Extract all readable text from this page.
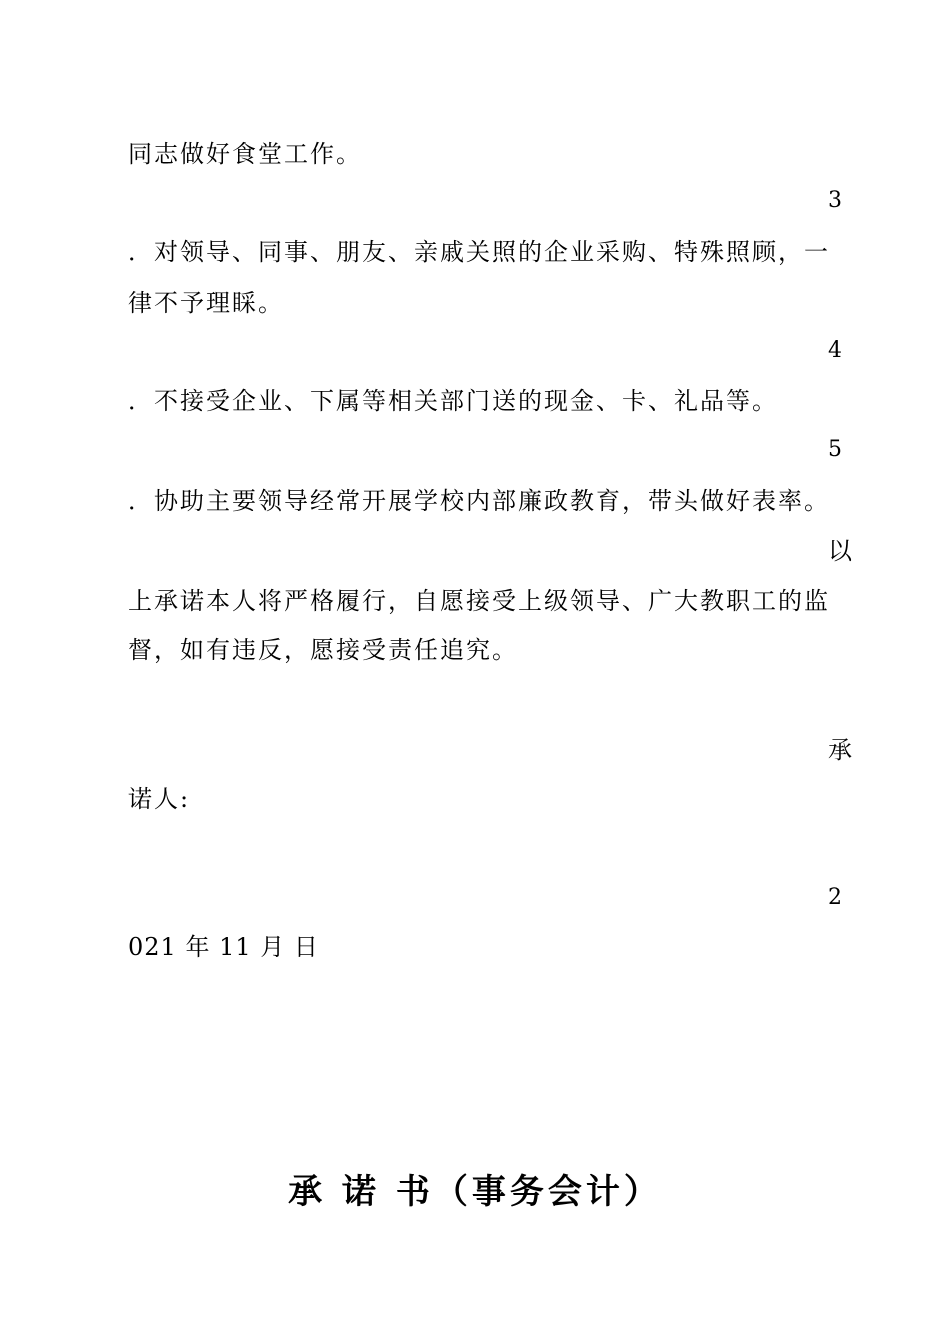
同志做好食堂工作。
3
．对领导、同事、朋友、亲戚关照的企业采购、特殊照顾，一
律不予理睬。
4
．不接受企业、下属等相关部门送的现金、卡、礼品等。
5
．协助主要领导经常开展学校内部廉政教育，带头做好表率。
以
上承诺本人将严格履行，自愿接受上级领导、广大教职工的监
督，如有违反，愿接受责任追究。
承
诺人:
2
021 年 11 月 日
承 诺 书（事务会计）
